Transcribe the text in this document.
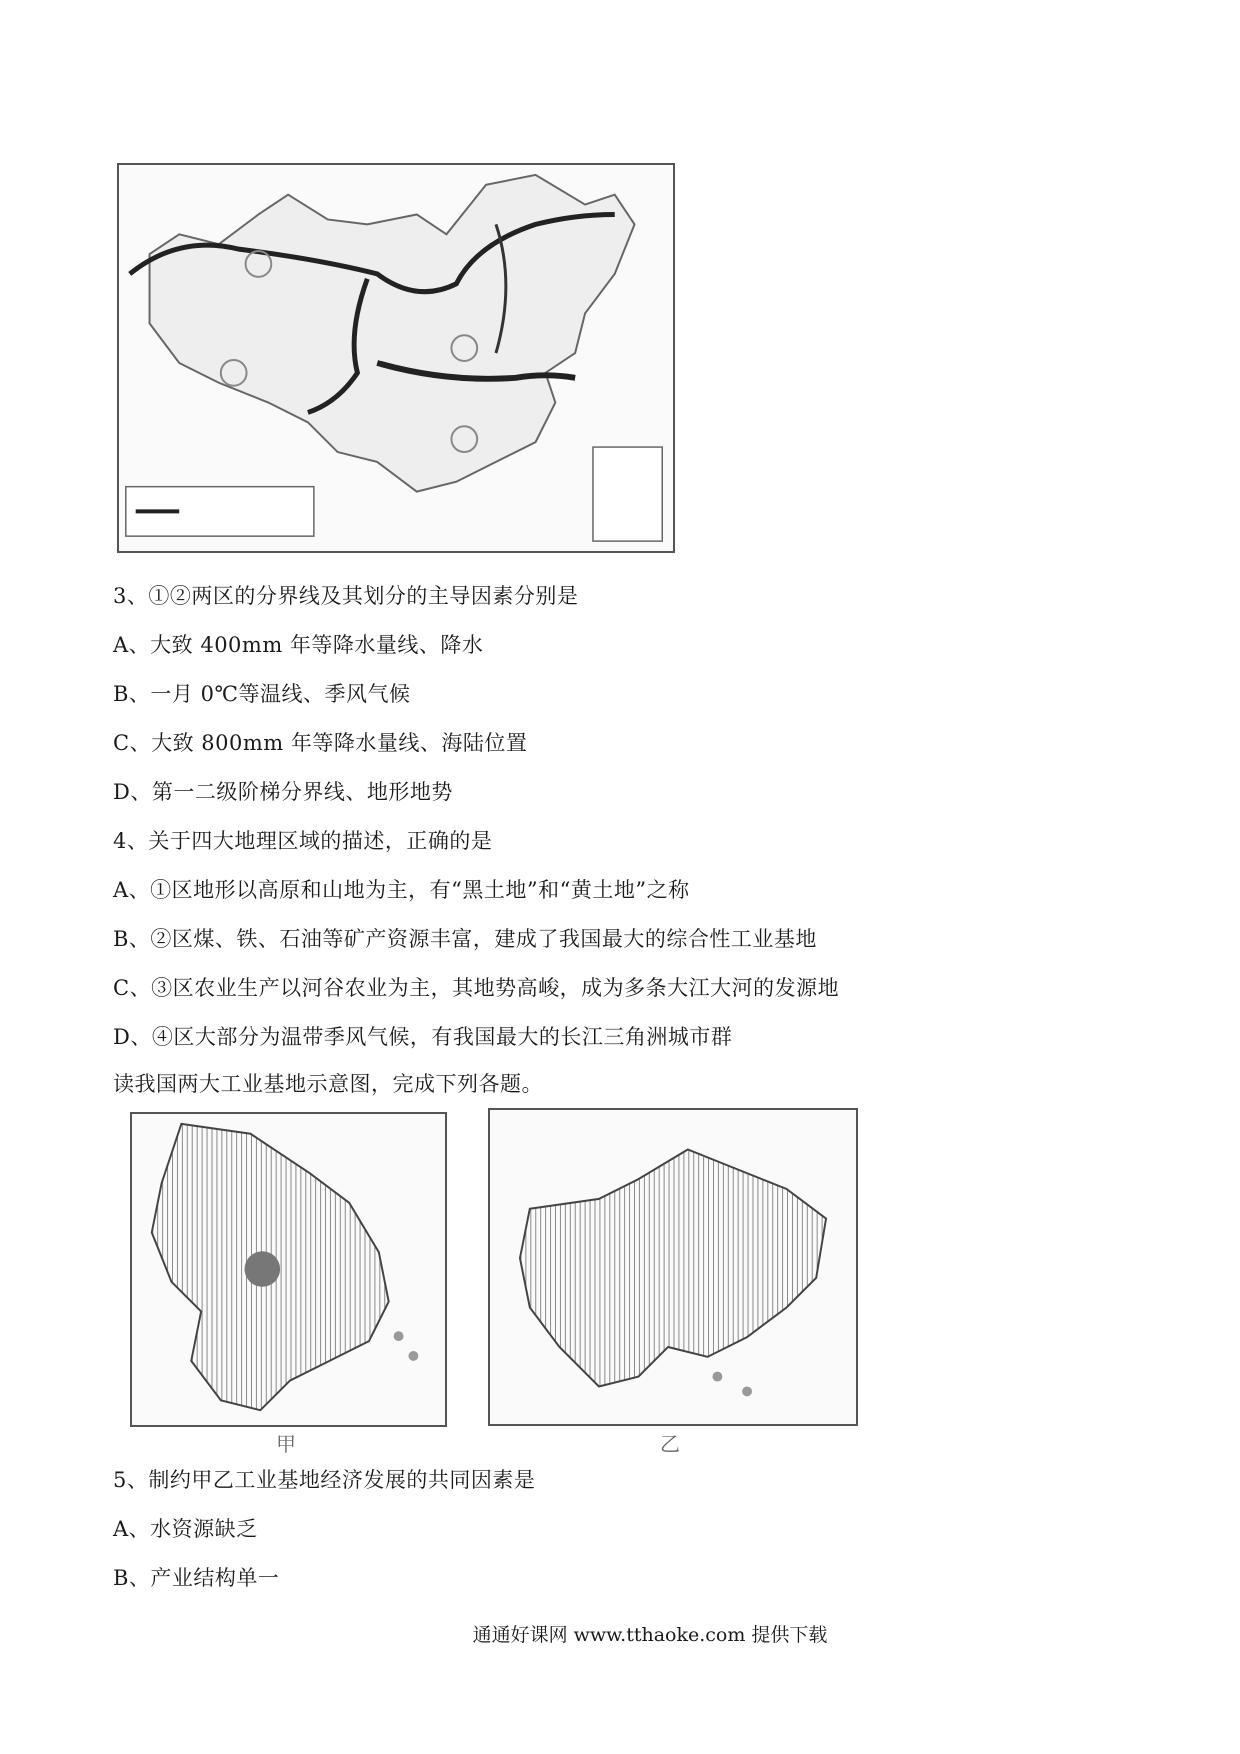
3、①②两区的分界线及其划分的主导因素分别是
A、大致 400mm 年等降水量线、降水
B、一月 0℃等温线、季风气候
C、大致 800mm 年等降水量线、海陆位置
D、第一二级阶梯分界线、地形地势
4、关于四大地理区域的描述，正确的是
A、①区地形以高原和山地为主，有“黑土地”和“黄土地”之称
B、②区煤、铁、石油等矿产资源丰富，建成了我国最大的综合性工业基地
C、③区农业生产以河谷农业为主，其地势高峻，成为多条大江大河的发源地
D、④区大部分为温带季风气候，有我国最大的长江三角洲城市群
读我国两大工业基地示意图，完成下列各题。
甲	乙
5、制约甲乙工业基地经济发展的共同因素是
A、水资源缺乏
B、产业结构单一
通通好课网 www.tthaoke.com 提供下载
